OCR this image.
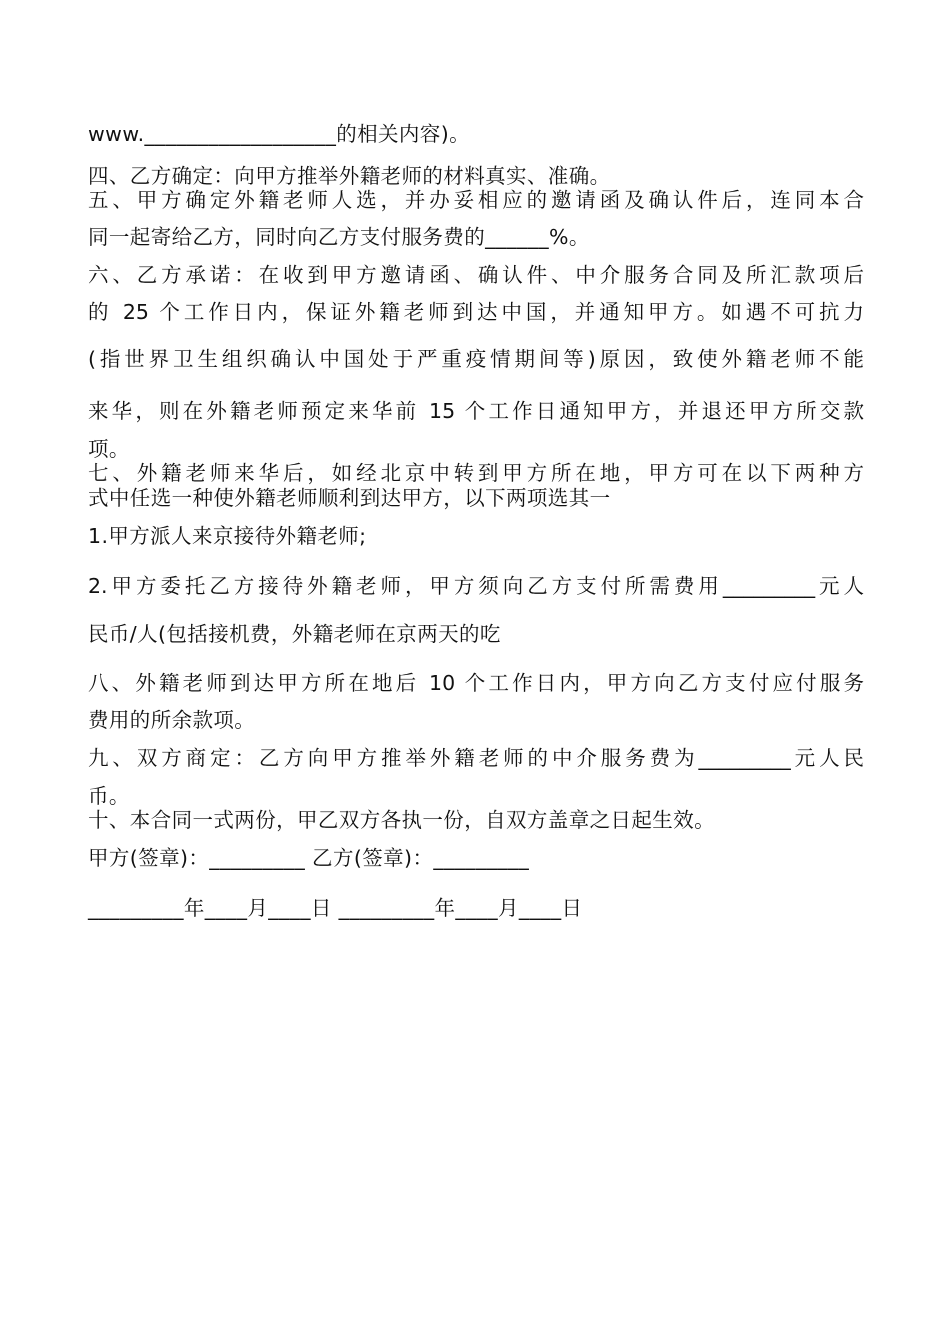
www.__________________的相关内容)。
四、乙方确定：向甲方推举外籍老师的材料真实、准确。
五、甲方确定外籍老师人选，并办妥相应的邀请函及确认件后，连同本合
同一起寄给乙方，同时向乙方支付服务费的______%。
六、乙方承诺：在收到甲方邀请函、确认件、中介服务合同及所汇款项后
的 25 个工作日内，保证外籍老师到达中国，并通知甲方。如遇不可抗力
(指世界卫生组织确认中国处于严重疫情期间等)原因，致使外籍老师不能
来华，则在外籍老师预定来华前 15 个工作日通知甲方，并退还甲方所交款
项。
七、外籍老师来华后，如经北京中转到甲方所在地，甲方可在以下两种方
式中任选一种使外籍老师顺利到达甲方，以下两项选其一
1.甲方派人来京接待外籍老师;
2.甲方委托乙方接待外籍老师，甲方须向乙方支付所需费用_________元人
民币/人(包括接机费，外籍老师在京两天的吃
八、外籍老师到达甲方所在地后 10 个工作日内，甲方向乙方支付应付服务
费用的所余款项。
九、双方商定：乙方向甲方推举外籍老师的中介服务费为_________元人民
币。
十、本合同一式两份，甲乙双方各执一份，自双方盖章之日起生效。
甲方(签章)：_________ 乙方(签章)：_________
_________年____月____日 _________年____月____日
